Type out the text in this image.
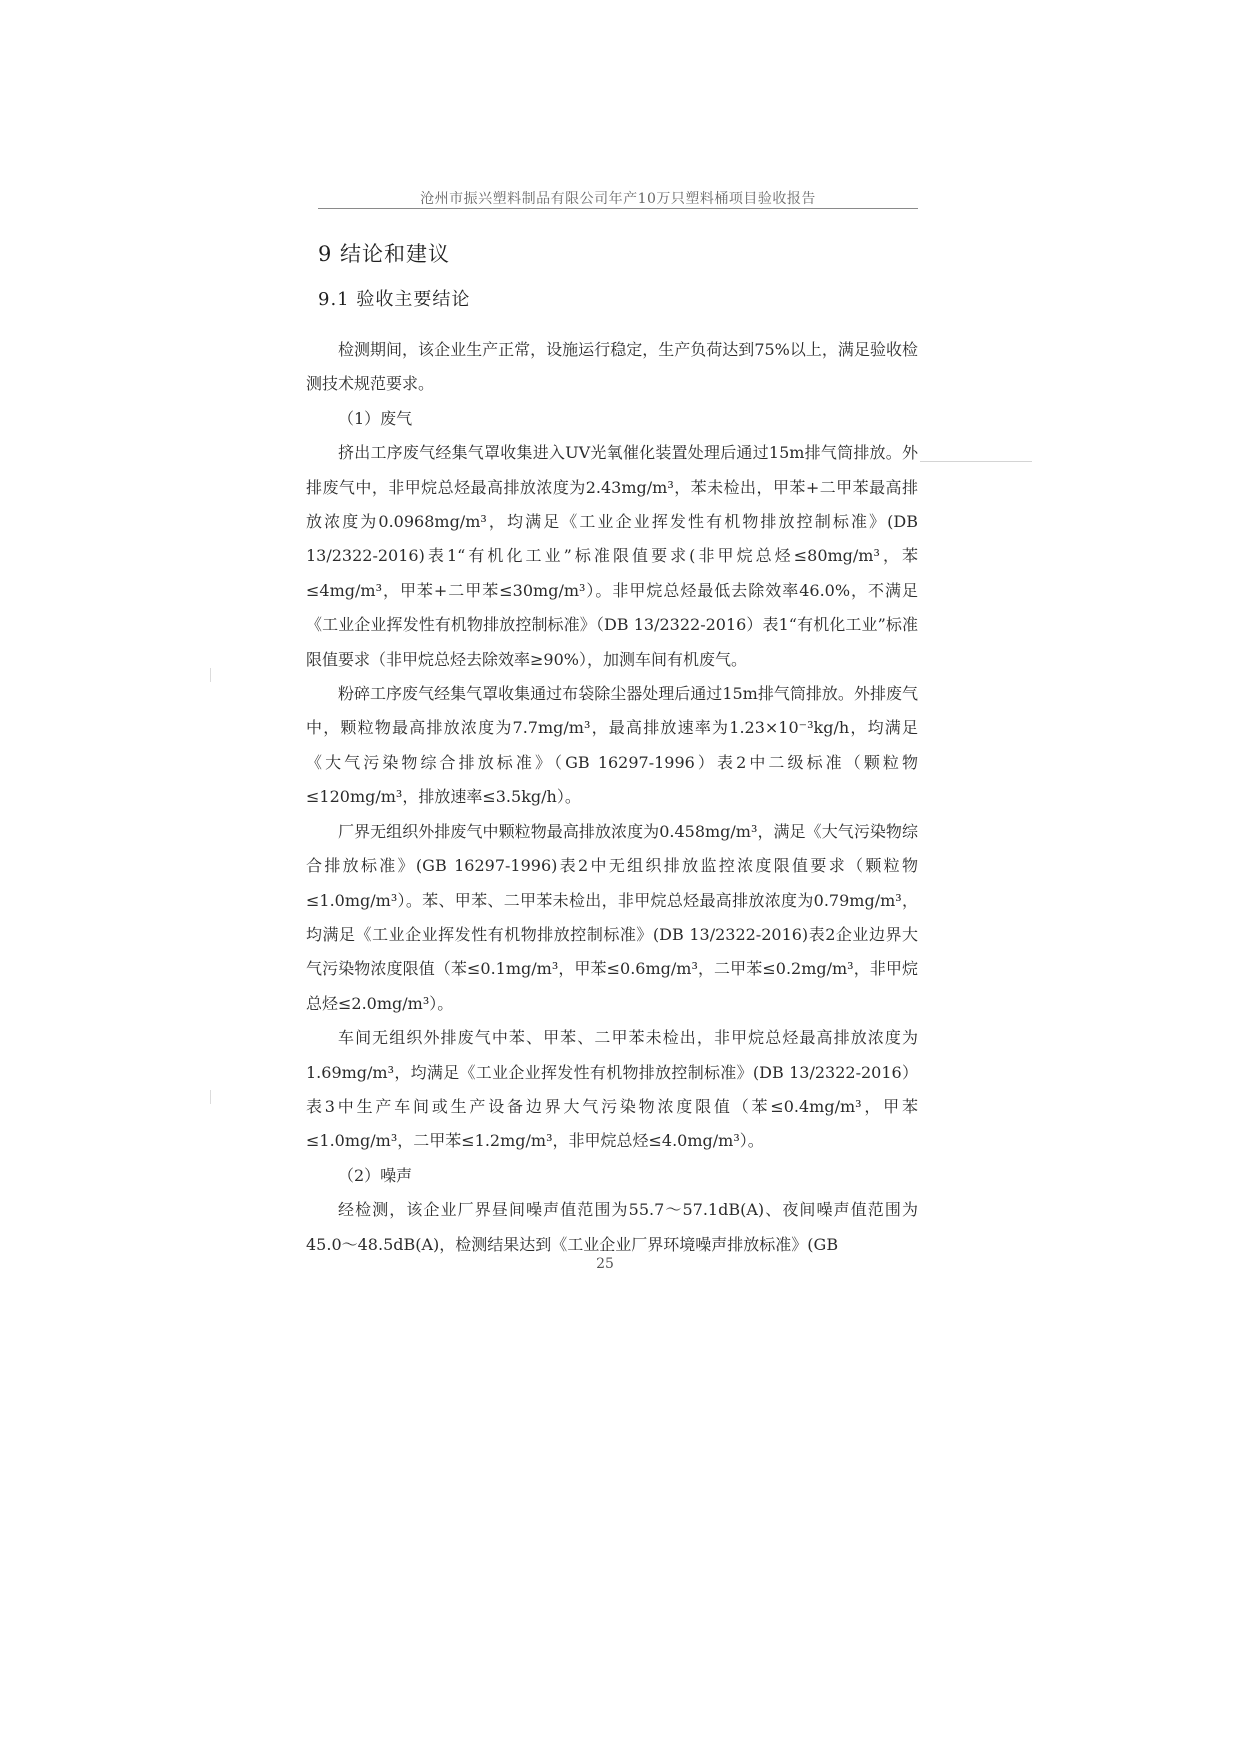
沧州市振兴塑料制品有限公司年产10万只塑料桶项目验收报告
9 结论和建议
9.1 验收主要结论

检测期间，该企业生产正常，设施运行稳定，生产负荷达到75%以上，满足验收检测技术规范要求。

（1）废气

挤出工序废气经集气罩收集进入UV光氧催化装置处理后通过15m排气筒排放。外排废气中，非甲烷总烃最高排放浓度为2.43mg/m³，苯未检出，甲苯+二甲苯最高排放浓度为0.0968mg/m³，均满足《工业企业挥发性有机物排放控制标准》(DB 13/2322-2016)表1“有机化工业”标准限值要求(非甲烷总烃≤80mg/m³，苯≤4mg/m³，甲苯+二甲苯≤30mg/m³）。非甲烷总烃最低去除效率46.0%，不满足《工业企业挥发性有机物排放控制标准》（DB 13/2322-2016）表1“有机化工业”标准限值要求（非甲烷总烃去除效率≥90%），加测车间有机废气。

粉碎工序废气经集气罩收集通过布袋除尘器处理后通过15m排气筒排放。外排废气中，颗粒物最高排放浓度为7.7mg/m³，最高排放速率为1.23×10⁻³kg/h，均满足《大气污染物综合排放标准》（GB 16297-1996）表2中二级标准（颗粒物≤120mg/m³，排放速率≤3.5kg/h）。

厂界无组织外排废气中颗粒物最高排放浓度为0.458mg/m³，满足《大气污染物综合排放标准》(GB 16297-1996)表2中无组织排放监控浓度限值要求（颗粒物≤1.0mg/m³）。苯、甲苯、二甲苯未检出，非甲烷总烃最高排放浓度为0.79mg/m³，均满足《工业企业挥发性有机物排放控制标准》(DB 13/2322-2016)表2企业边界大气污染物浓度限值（苯≤0.1mg/m³，甲苯≤0.6mg/m³，二甲苯≤0.2mg/m³，非甲烷总烃≤2.0mg/m³）。

车间无组织外排废气中苯、甲苯、二甲苯未检出，非甲烷总烃最高排放浓度为1.69mg/m³，均满足《工业企业挥发性有机物排放控制标准》(DB 13/2322-2016）表3中生产车间或生产设备边界大气污染物浓度限值（苯≤0.4mg/m³，甲苯≤1.0mg/m³，二甲苯≤1.2mg/m³，非甲烷总烃≤4.0mg/m³）。

（2）噪声

经检测，该企业厂界昼间噪声值范围为55.7～57.1dB(A)、夜间噪声值范围为45.0～48.5dB(A)，检测结果达到《工业企业厂界环境噪声排放标准》(GB

25
